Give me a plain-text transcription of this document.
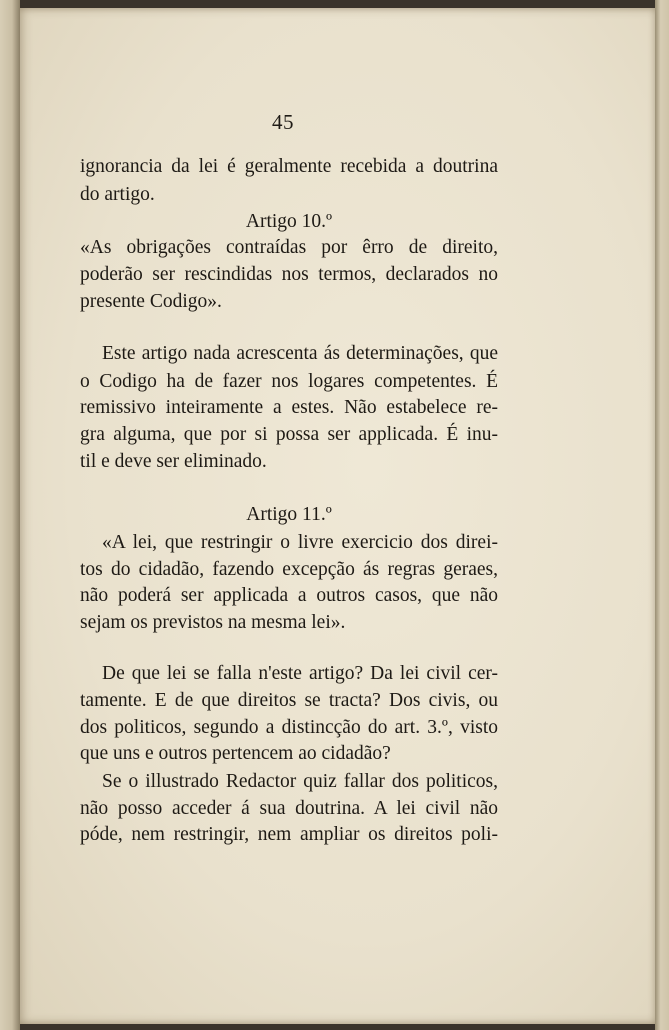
45
ignorancia da lei é geralmente recebida a doutrina
do artigo.
Artigo 10.º
«As obrigações contraídas por êrro de direito,
poderão ser rescindidas nos termos, declarados no
presente Codigo».
Este artigo nada acrescenta ás determinações, que
o Codigo ha de fazer nos logares competentes. É
remissivo inteiramente a estes. Não estabelece re-
gra alguma, que por si possa ser applicada. É inu-
til e deve ser eliminado.
Artigo 11.º
«A lei, que restringir o livre exercicio dos direi-
tos do cidadão, fazendo excepção ás regras geraes,
não poderá ser applicada a outros casos, que não
sejam os previstos na mesma lei».
De que lei se falla n'este artigo? Da lei civil cer-
tamente. E de que direitos se tracta? Dos civis, ou
dos politicos, segundo a distincção do art. 3.º, visto
que uns e outros pertencem ao cidadão?
Se o illustrado Redactor quiz fallar dos politicos,
não posso acceder á sua doutrina. A lei civil não
póde, nem restringir, nem ampliar os direitos poli-
